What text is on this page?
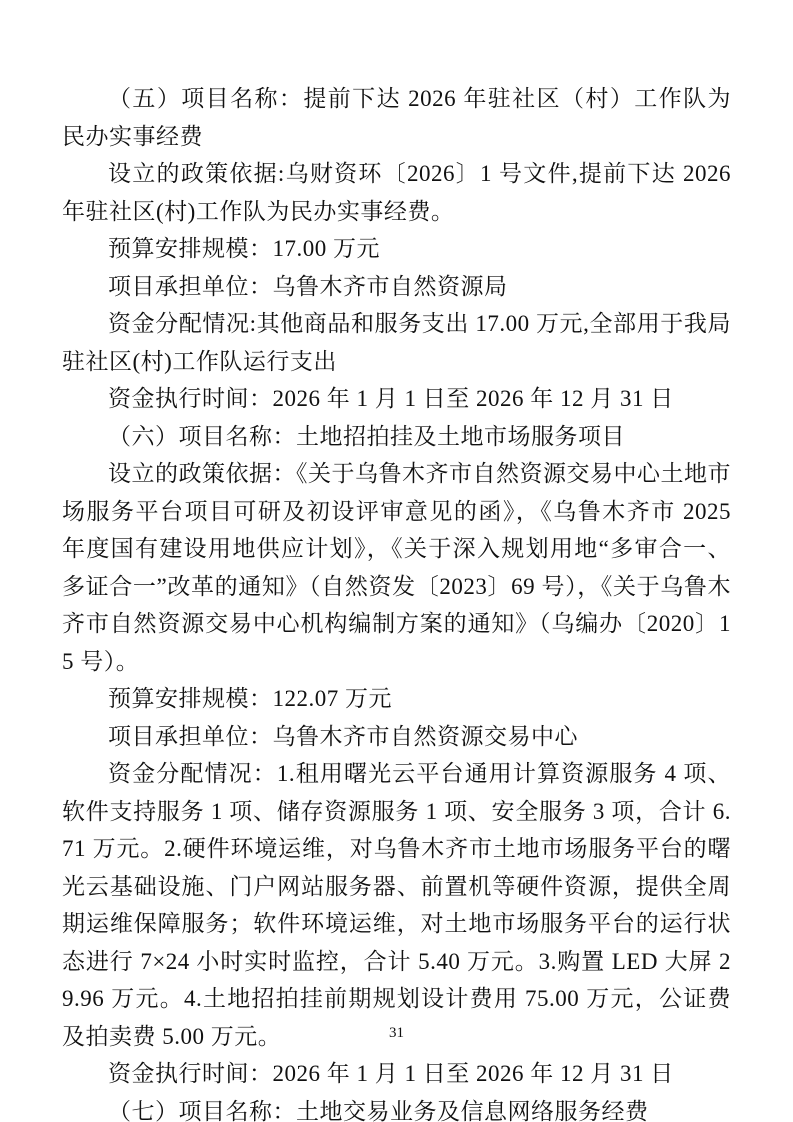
（五）项目名称：提前下达 2026 年驻社区（村）工作队为民办实事经费

设立的政策依据:乌财资环〔2026〕1 号文件,提前下达 2026 年驻社区(村)工作队为民办实事经费。

预算安排规模：17.00 万元

项目承担单位：乌鲁木齐市自然资源局

资金分配情况:其他商品和服务支出 17.00 万元,全部用于我局驻社区(村)工作队运行支出

资金执行时间：2026 年 1 月 1 日至 2026 年 12 月 31 日

（六）项目名称：土地招拍挂及土地市场服务项目

设立的政策依据：《关于乌鲁木齐市自然资源交易中心土地市场服务平台项目可研及初设评审意见的函》，《乌鲁木齐市 2025 年度国有建设用地供应计划》，《关于深入规划用地“多审合一、多证合一”改革的通知》（自然资发〔2023〕69 号），《关于乌鲁木齐市自然资源交易中心机构编制方案的通知》（乌编办〔2020〕15 号）。

预算安排规模：122.07 万元

项目承担单位：乌鲁木齐市自然资源交易中心

资金分配情况：1.租用曙光云平台通用计算资源服务 4 项、软件支持服务 1 项、储存资源服务 1 项、安全服务 3 项，合计 6.71 万元。2.硬件环境运维，对乌鲁木齐市土地市场服务平台的曙光云基础设施、门户网站服务器、前置机等硬件资源，提供全周期运维保障服务；软件环境运维，对土地市场服务平台的运行状态进行 7×24 小时实时监控，合计 5.40 万元。3.购置 LED 大屏 29.96 万元。4.土地招拍挂前期规划设计费用 75.00 万元，公证费及拍卖费 5.00 万元。

资金执行时间：2026 年 1 月 1 日至 2026 年 12 月 31 日

（七）项目名称：土地交易业务及信息网络服务经费

31
